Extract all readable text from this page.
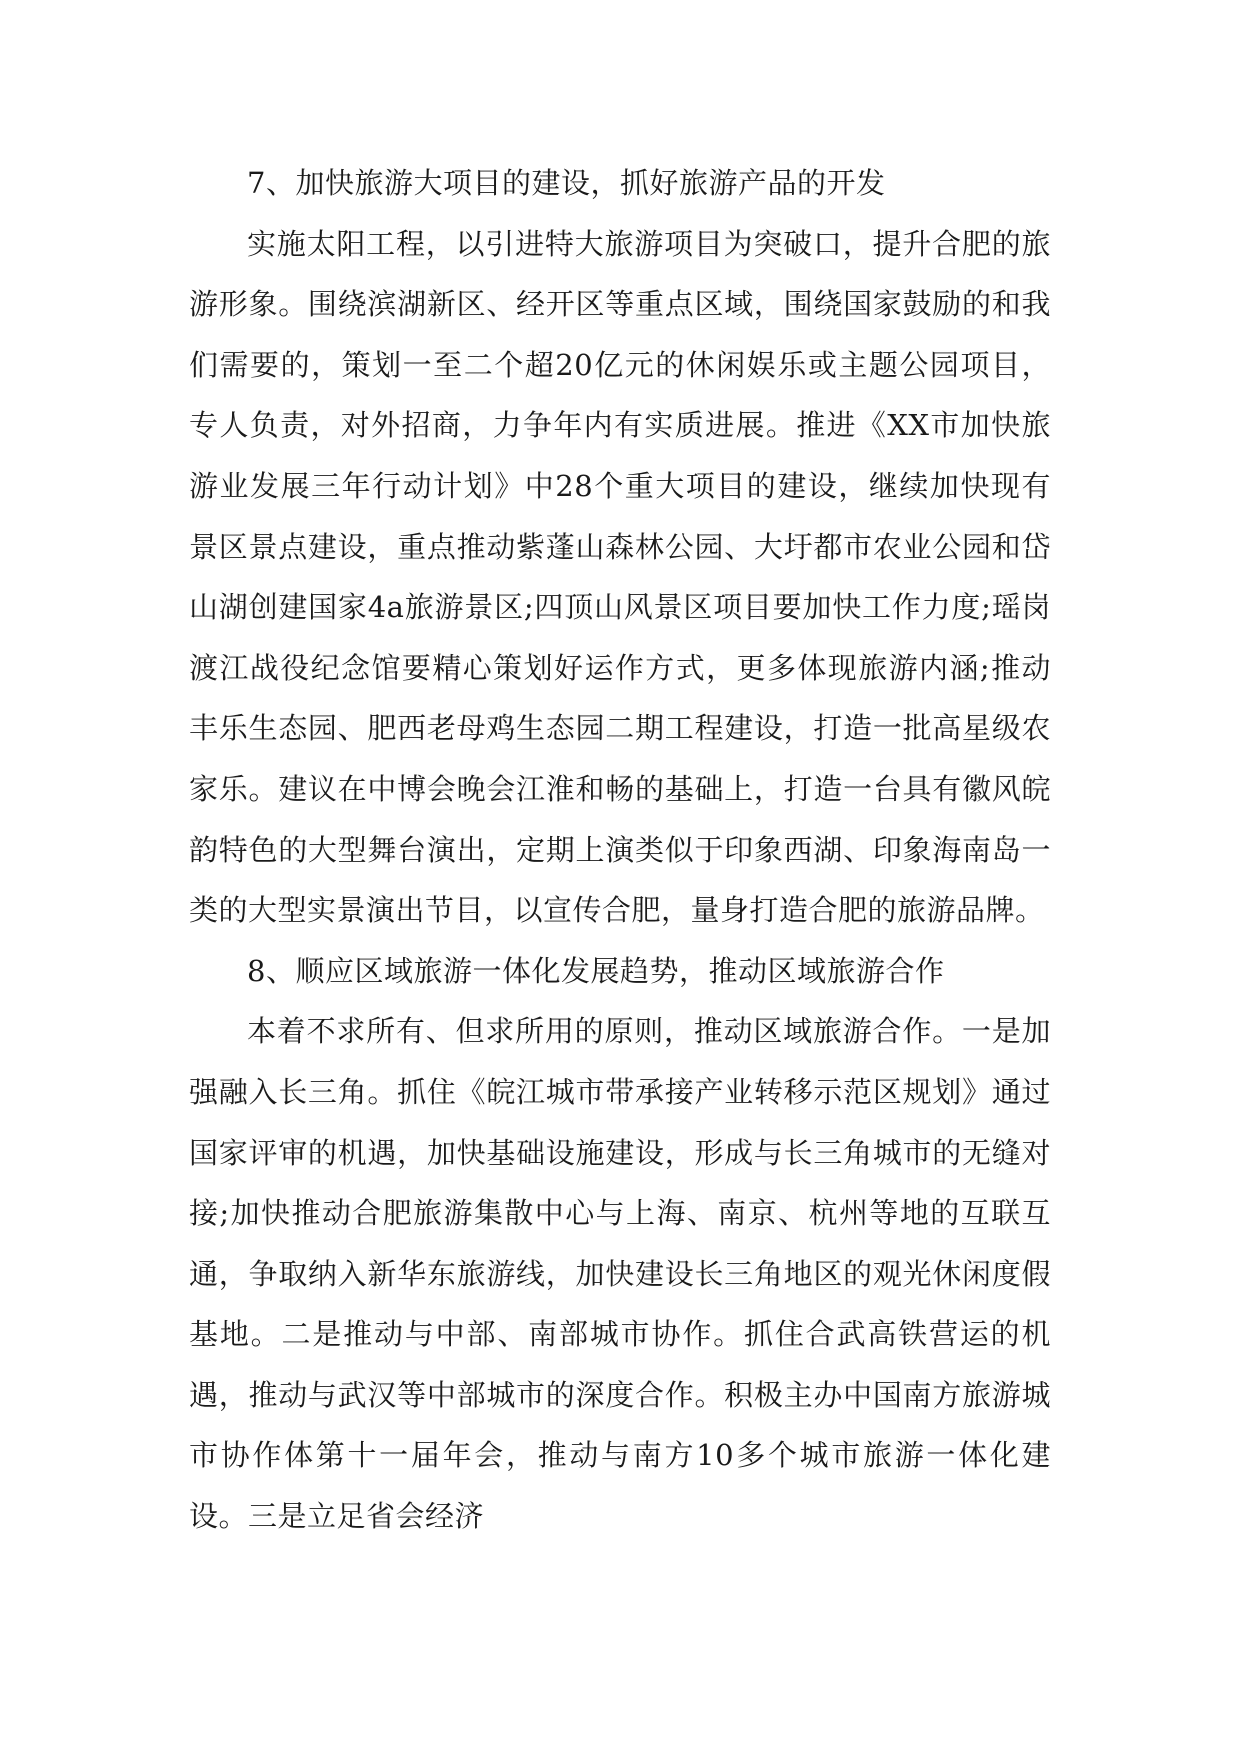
7、加快旅游大项目的建设，抓好旅游产品的开发

实施太阳工程，以引进特大旅游项目为突破口，提升合肥的旅游形象。围绕滨湖新区、经开区等重点区域，围绕国家鼓励的和我们需要的，策划一至二个超20亿元的休闲娱乐或主题公园项目，专人负责，对外招商，力争年内有实质进展。推进《XX市加快旅游业发展三年行动计划》中28个重大项目的建设，继续加快现有景区景点建设，重点推动紫蓬山森林公园、大圩都市农业公园和岱山湖创建国家4a旅游景区;四顶山风景区项目要加快工作力度;瑶岗渡江战役纪念馆要精心策划好运作方式，更多体现旅游内涵;推动丰乐生态园、肥西老母鸡生态园二期工程建设，打造一批高星级农家乐。建议在中博会晚会江淮和畅的基础上，打造一台具有徽风皖韵特色的大型舞台演出，定期上演类似于印象西湖、印象海南岛一类的大型实景演出节目，以宣传合肥，量身打造合肥的旅游品牌。

8、顺应区域旅游一体化发展趋势，推动区域旅游合作

本着不求所有、但求所用的原则，推动区域旅游合作。一是加强融入长三角。抓住《皖江城市带承接产业转移示范区规划》通过国家评审的机遇，加快基础设施建设，形成与长三角城市的无缝对接;加快推动合肥旅游集散中心与上海、南京、杭州等地的互联互通，争取纳入新华东旅游线，加快建设长三角地区的观光休闲度假基地。二是推动与中部、南部城市协作。抓住合武高铁营运的机遇，推动与武汉等中部城市的深度合作。积极主办中国南方旅游城市协作体第十一届年会，推动与南方10多个城市旅游一体化建设。三是立足省会经济
